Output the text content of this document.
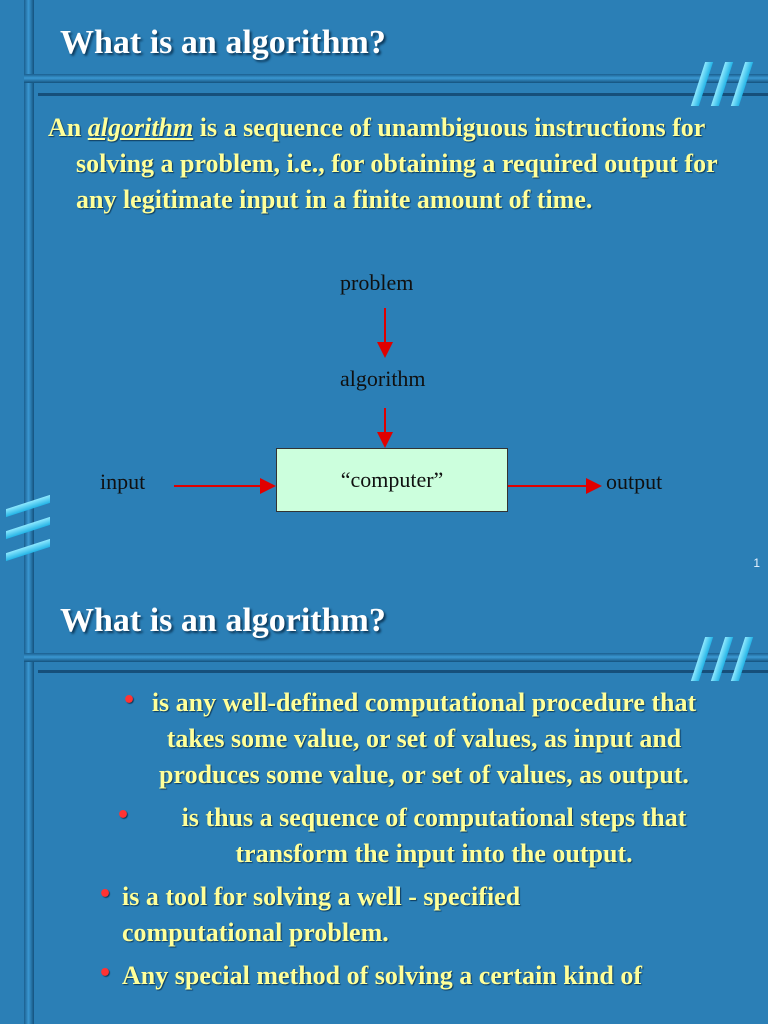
What is an algorithm?

An algorithm is a sequence of unambiguous instructions for solving a problem, i.e., for obtaining a required output for any legitimate input in a finite amount of time.

problem
algorithm
“computer”
input	output
1
What is an algorithm?
• is any well-defined computational procedure that takes some value, or set of values, as input and produces some value, or set of values, as output.
• is thus a sequence of computational steps that transform the input into the output.
• is a tool for solving a well - specified computational problem.
• Any special method of solving a certain kind of
